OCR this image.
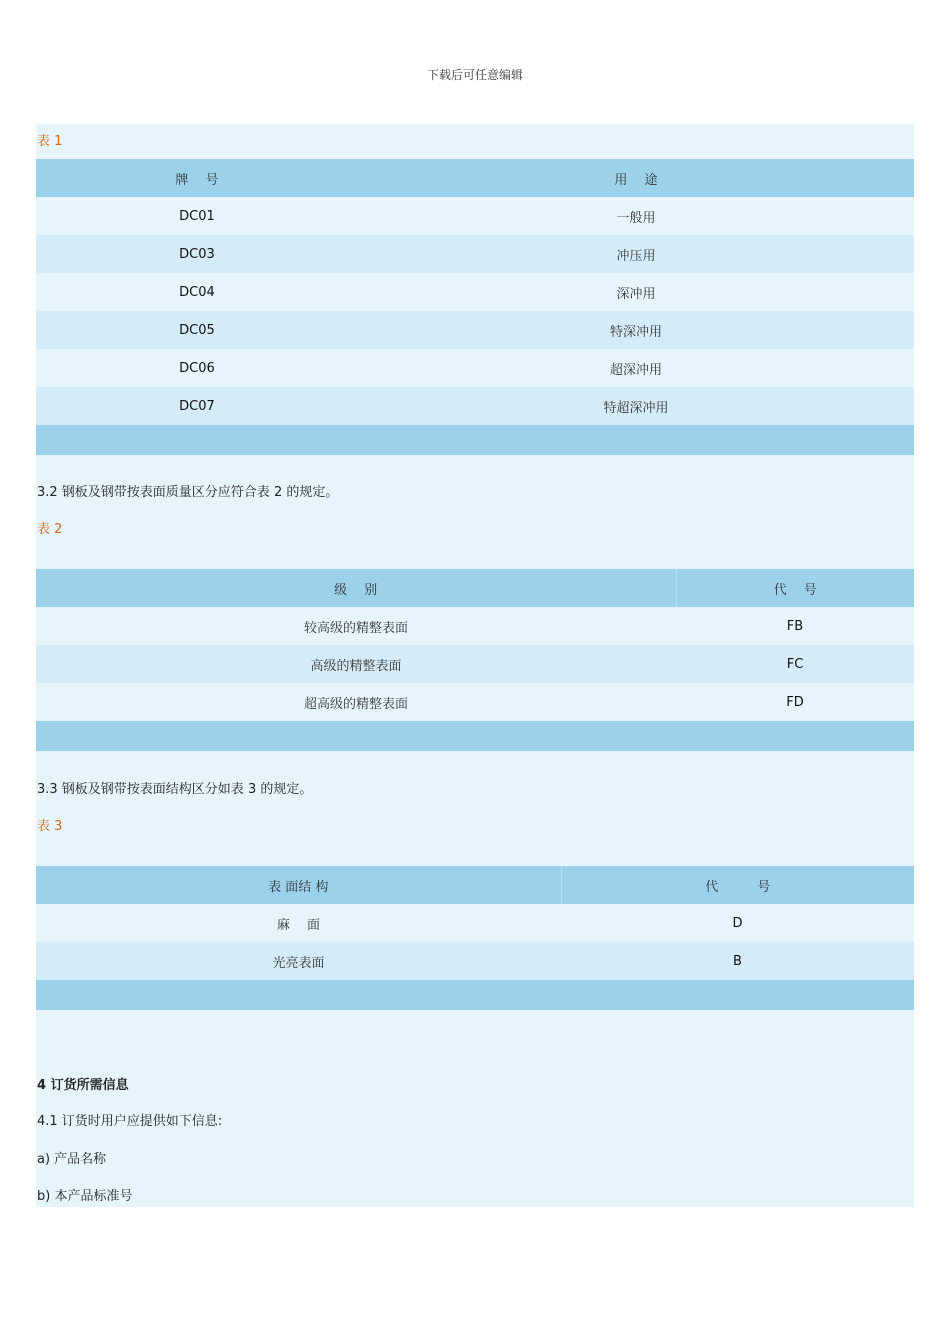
下载后可任意编辑
表 1
牌　 号	用　 途
DC01	一般用
DC03	冲压用
DC04	深冲用
DC05	特深冲用
DC06	超深冲用
DC07	特超深冲用

3.2 钢板及钢带按表面质量区分应符合表 2 的规定。
表 2
级　 别	代　 号
较高级的精整表面	FB
高级的精整表面	FC
超高级的精整表面	FD

3.3 钢板及钢带按表面结构区分如表 3 的规定。
表 3
表 面结 构	代　　　号
麻　 面	D
光亮表面	B

4 订货所需信息
4.1 订货时用户应提供如下信息:
a) 产品名称
b) 本产品标准号
